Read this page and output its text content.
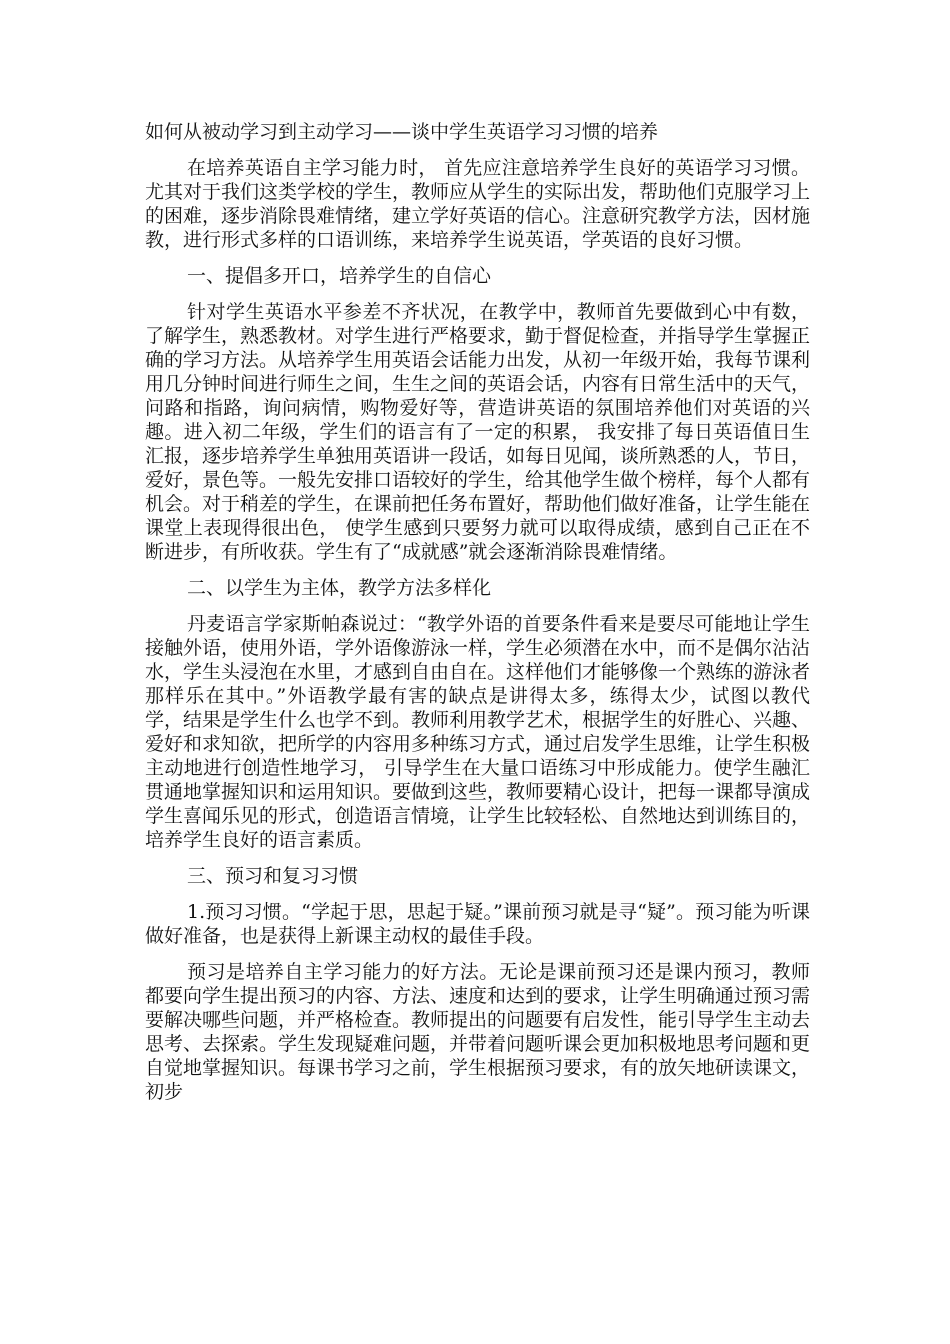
如何从被动学习到主动学习——谈中学生英语学习习惯的培养

在培养英语自主学习能力时， 首先应注意培养学生良好的英语学习习惯。尤其对于我们这类学校的学生，教师应从学生的实际出发，帮助他们克服学习上的困难，逐步消除畏难情绪，建立学好英语的信心。注意研究教学方法，因材施教，进行形式多样的口语训练，来培养学生说英语，学英语的良好习惯。

一、提倡多开口，培养学生的自信心

针对学生英语水平参差不齐状况，在教学中，教师首先要做到心中有数，了解学生，熟悉教材。对学生进行严格要求，勤于督促检查，并指导学生掌握正确的学习方法。从培养学生用英语会话能力出发，从初一年级开始，我每节课利用几分钟时间进行师生之间，生生之间的英语会话，内容有日常生活中的天气，问路和指路，询问病情，购物爱好等，营造讲英语的氛围培养他们对英语的兴趣。进入初二年级，学生们的语言有了一定的积累， 我安排了每日英语值日生汇报，逐步培养学生单独用英语讲一段话，如每日见闻，谈所熟悉的人，节日，爱好，景色等。一般先安排口语较好的学生，给其他学生做个榜样，每个人都有机会。对于稍差的学生，在课前把任务布置好，帮助他们做好准备，让学生能在课堂上表现得很出色， 使学生感到只要努力就可以取得成绩，感到自己正在不断进步，有所收获。学生有了“成就感”就会逐渐消除畏难情绪。

二、以学生为主体，教学方法多样化

丹麦语言学家斯帕森说过：“教学外语的首要条件看来是要尽可能地让学生接触外语，使用外语，学外语像游泳一样，学生必须潜在水中，而不是偶尔沾沾水，学生头浸泡在水里，才感到自由自在。这样他们才能够像一个熟练的游泳者那样乐在其中。”外语教学最有害的缺点是讲得太多，练得太少，试图以教代学，结果是学生什么也学不到。教师利用教学艺术，根据学生的好胜心、兴趣、爱好和求知欲，把所学的内容用多种练习方式，通过启发学生思维，让学生积极主动地进行创造性地学习， 引导学生在大量口语练习中形成能力。使学生融汇贯通地掌握知识和运用知识。要做到这些，教师要精心设计，把每一课都导演成学生喜闻乐见的形式，创造语言情境，让学生比较轻松、自然地达到训练目的，培养学生良好的语言素质。

三、预习和复习习惯

1.预习习惯。“学起于思，思起于疑。”课前预习就是寻“疑”。预习能为听课做好准备，也是获得上新课主动权的最佳手段。

预习是培养自主学习能力的好方法。无论是课前预习还是课内预习，教师都要向学生提出预习的内容、方法、速度和达到的要求，让学生明确通过预习需要解决哪些问题，并严格检查。教师提出的问题要有启发性，能引导学生主动去思考、去探索。学生发现疑难问题，并带着问题听课会更加积极地思考问题和更自觉地掌握知识。每课书学习之前，学生根据预习要求，有的放矢地研读课文，初步
